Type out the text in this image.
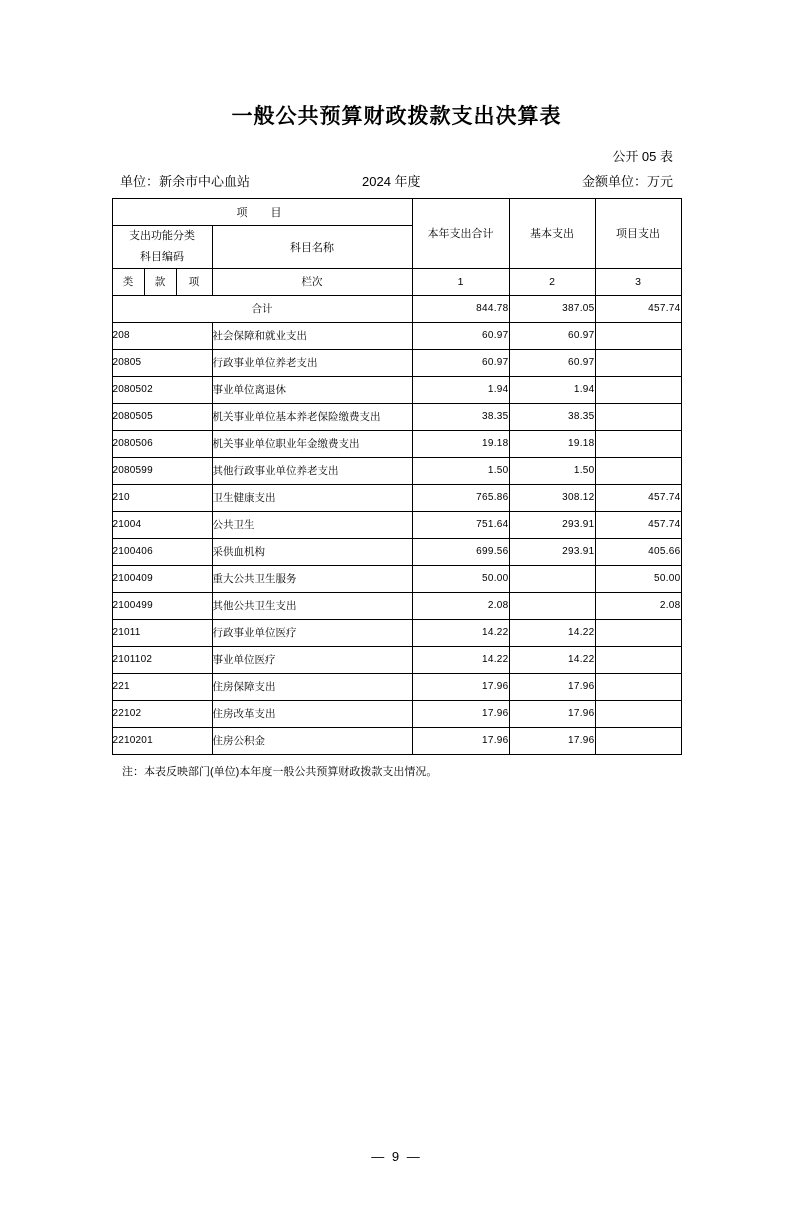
一般公共预算财政拨款支出决算表
公开 05 表
单位：新余市中心血站	2024 年度	金额单位：万元
项　目				本年支出合计	基本支出	项目支出

支出功能分类
科目编码			科目名称			
类	款	项	栏次	1	2	3
合计				844.78	387.05	457.74
208			社会保障和就业支出	60.97	60.97	
20805			行政事业单位养老支出	60.97	60.97	
2080502			事业单位离退休	1.94	1.94	
2080505			机关事业单位基本养老保险缴费支出	38.35	38.35	
2080506			机关事业单位职业年金缴费支出	19.18	19.18	
2080599			其他行政事业单位养老支出	1.50	1.50	
210			卫生健康支出	765.86	308.12	457.74
21004			公共卫生	751.64	293.91	457.74
2100406			采供血机构	699.56	293.91	405.66
2100409			重大公共卫生服务	50.00		50.00
2100499			其他公共卫生支出	2.08		2.08
21011			行政事业单位医疗	14.22	14.22	
2101102			事业单位医疗	14.22	14.22	
221			住房保障支出	17.96	17.96	
22102			住房改革支出	17.96	17.96	
2210201			住房公积金	17.96	17.96	
注：本表反映部门(单位)本年度一般公共预算财政拨款支出情况。
— 9 —
